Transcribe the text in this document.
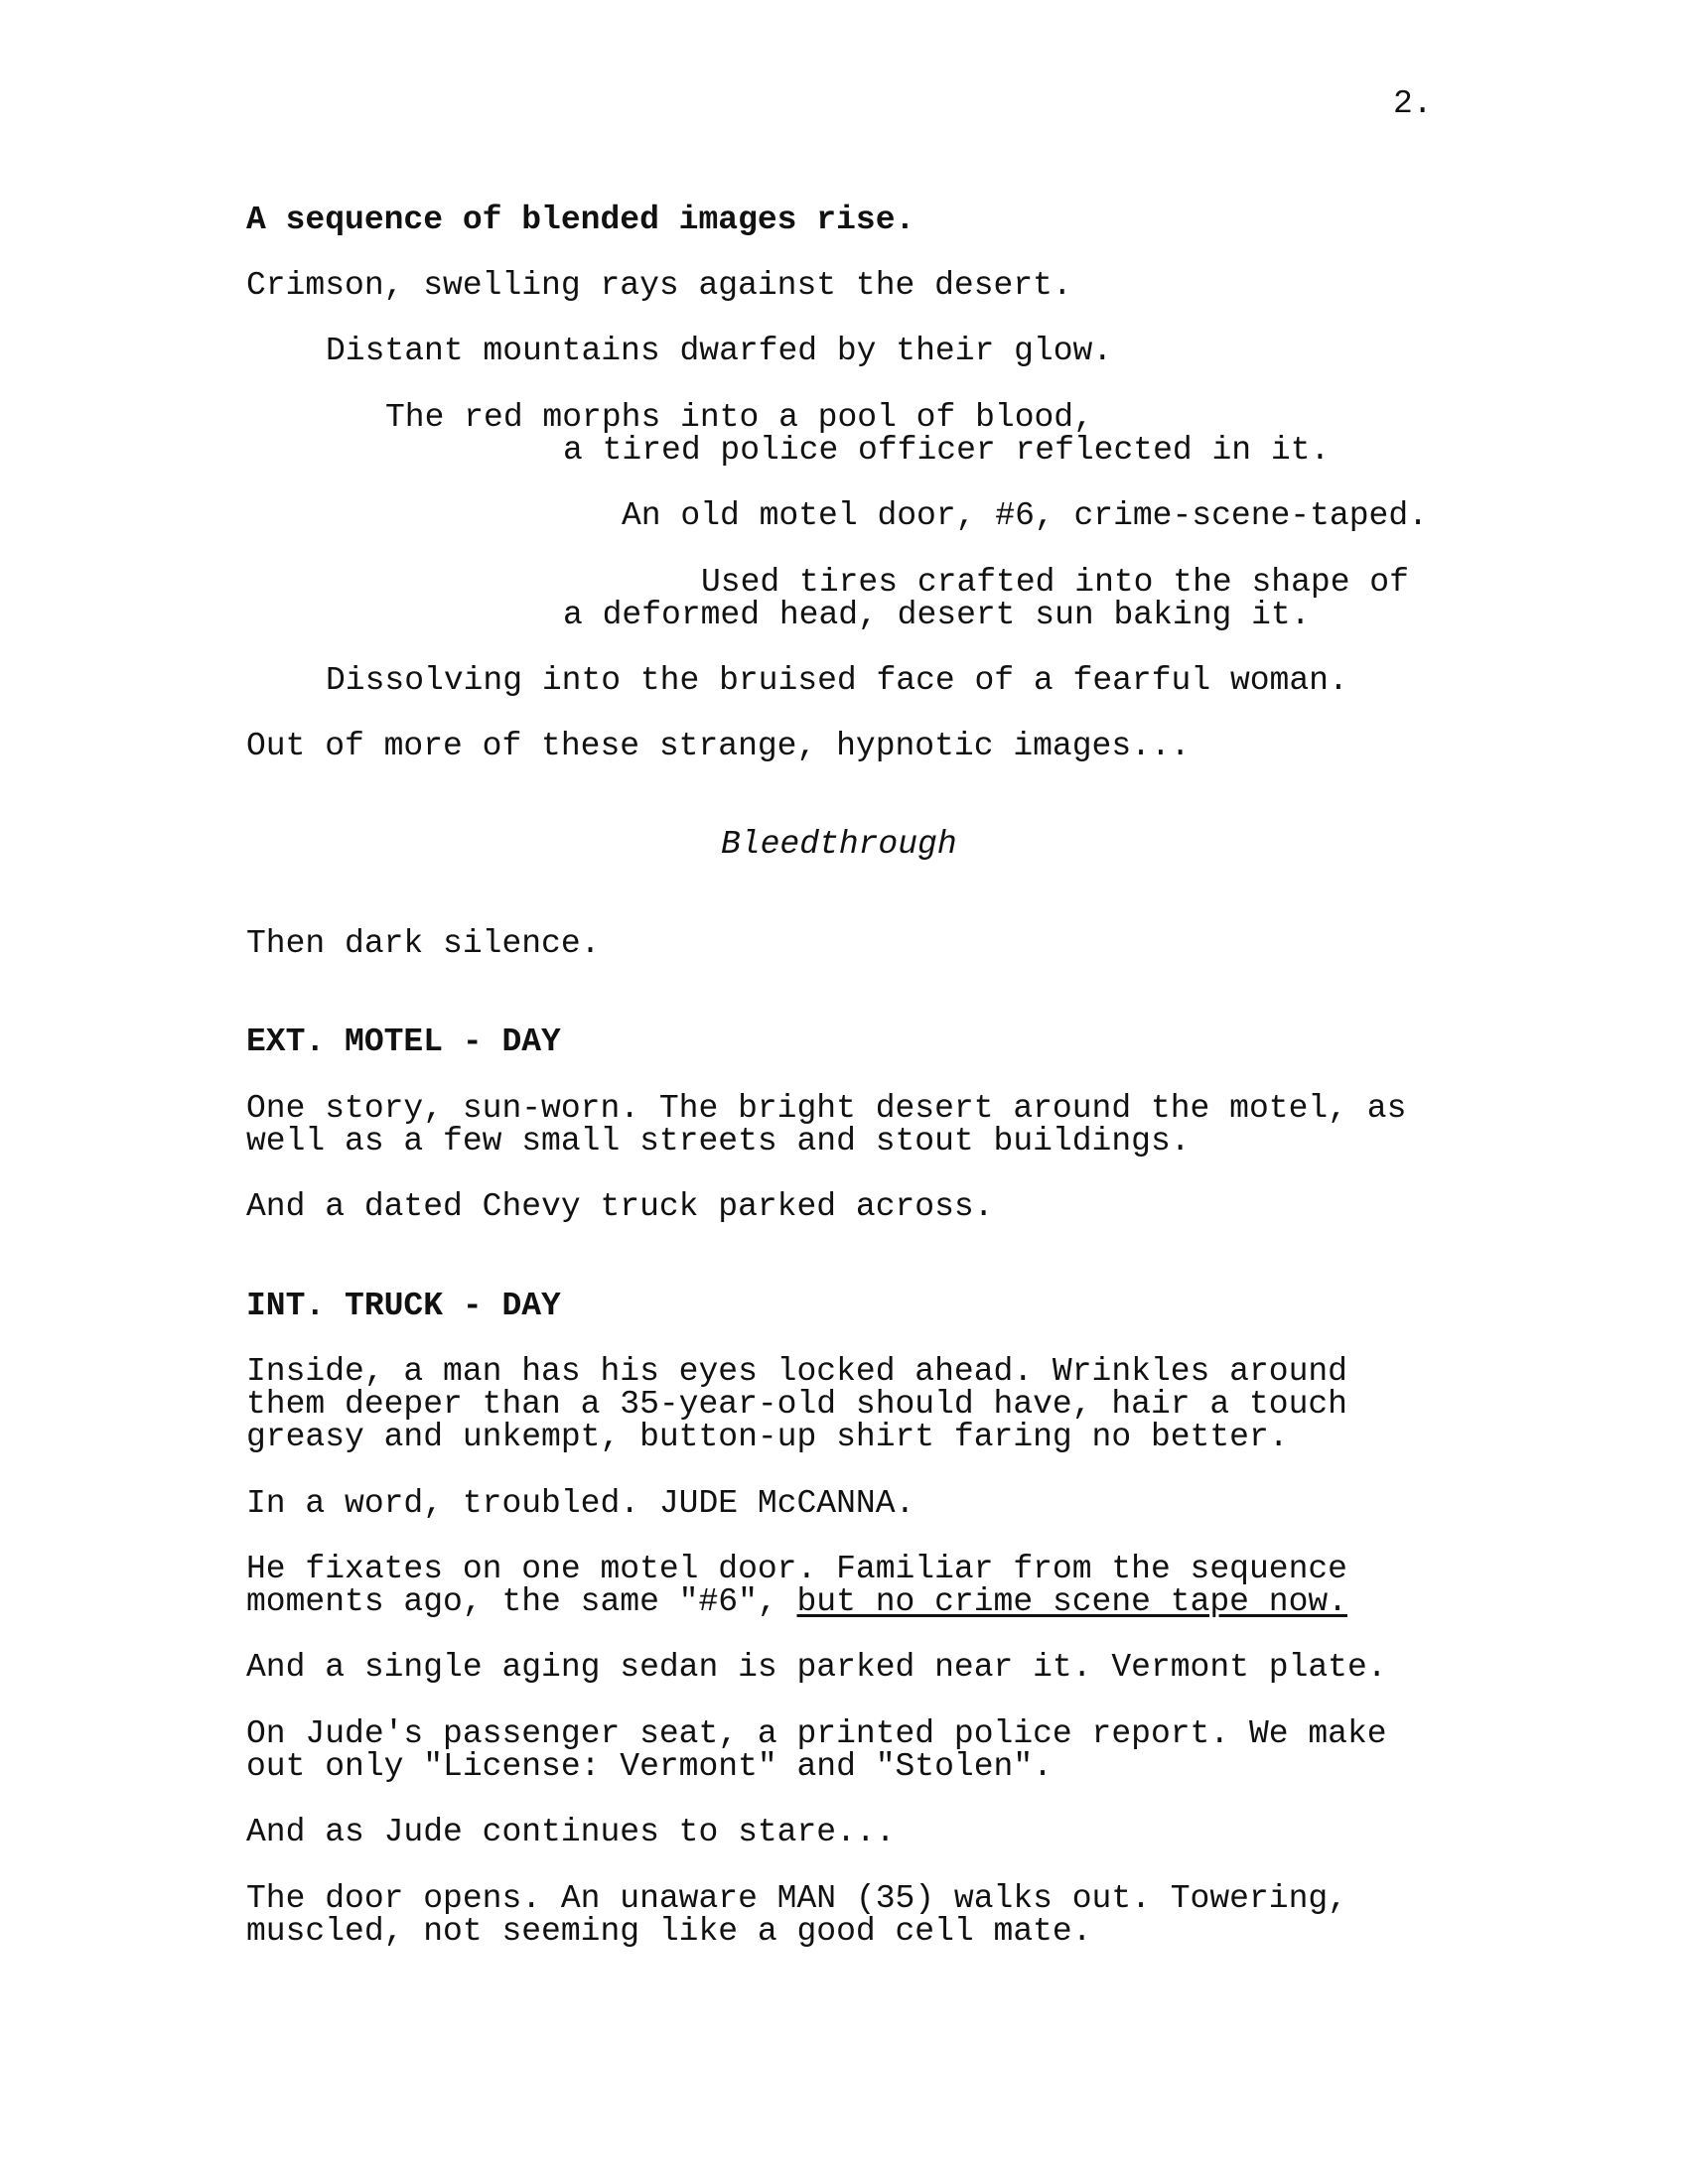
2.
A sequence of blended images rise.
Crimson, swelling rays against the desert.
Distant mountains dwarfed by their glow.
The red morphs into a pool of blood,
a tired police officer reflected in it.
An old motel door, #6, crime-scene-taped.
Used tires crafted into the shape of
a deformed head, desert sun baking it.
Dissolving into the bruised face of a fearful woman.
Out of more of these strange, hypnotic images...
Bleedthrough
Then dark silence.
EXT. MOTEL - DAY
One story, sun-worn. The bright desert around the motel, as
well as a few small streets and stout buildings.
And a dated Chevy truck parked across.
INT. TRUCK - DAY
Inside, a man has his eyes locked ahead. Wrinkles around
them deeper than a 35-year-old should have, hair a touch
greasy and unkempt, button-up shirt faring no better.
In a word, troubled. JUDE McCANNA.
He fixates on one motel door. Familiar from the sequence
moments ago, the same "#6", but no crime scene tape now.
And a single aging sedan is parked near it. Vermont plate.
On Jude's passenger seat, a printed police report. We make
out only "License: Vermont" and "Stolen".
And as Jude continues to stare...
The door opens. An unaware MAN (35) walks out. Towering,
muscled, not seeming like a good cell mate.
